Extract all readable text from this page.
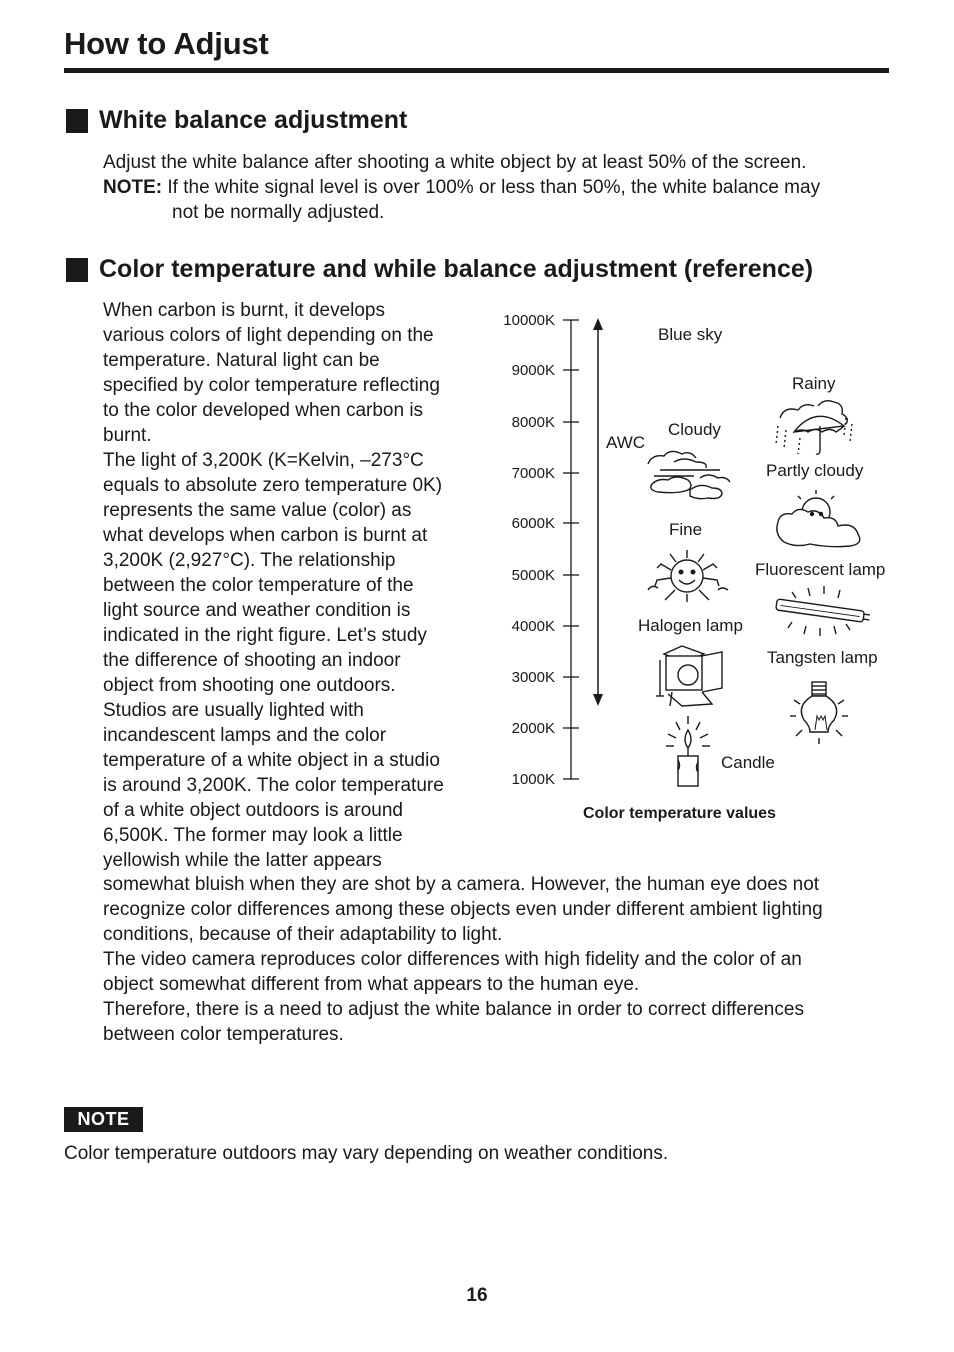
How to Adjust
White balance adjustment
Adjust the white balance after shooting a white object by at least 50% of the screen.
NOTE: If the white signal level is over 100% or less than 50%, the white balance may
not be normally adjusted.
Color temperature and while balance adjustment (reference)
When carbon is burnt, it develops
various colors of light depending on the
temperature. Natural light can be
specified by color temperature reflecting
to the color developed when carbon is
burnt.
The light of 3,200K (K=Kelvin, –273°C
equals to absolute zero temperature 0K)
represents the same value (color) as
what develops when carbon is burnt at
3,200K (2,927°C). The relationship
between the color temperature of the
light source and weather condition is
indicated in the right figure. Let’s study
the difference of shooting an indoor
object from shooting one outdoors.
Studios are usually lighted with
incandescent lamps and the color
temperature of a white object in a studio
is around 3,200K. The color temperature
of a white object outdoors is around
6,500K. The former may look a little
yellowish while the latter appears
somewhat bluish when they are shot by a camera. However, the human eye does not
recognize color differences among these objects even under different ambient lighting
conditions, because of their adaptability to light.
The video camera reproduces color differences with high fidelity and the color of an
object somewhat different from what appears to the human eye.
Therefore, there is a need to adjust the white balance in order to correct differences
between color temperatures.
10000K
9000K
8000K
7000K
6000K
5000K
4000K
3000K
2000K
1000K
AWC
Blue sky
Rainy
Cloudy
Partly cloudy
Fine
Fluorescent lamp
Halogen lamp
Tangsten lamp
Candle
Color temperature values
NOTE
Color temperature outdoors may vary depending on weather conditions.
16
